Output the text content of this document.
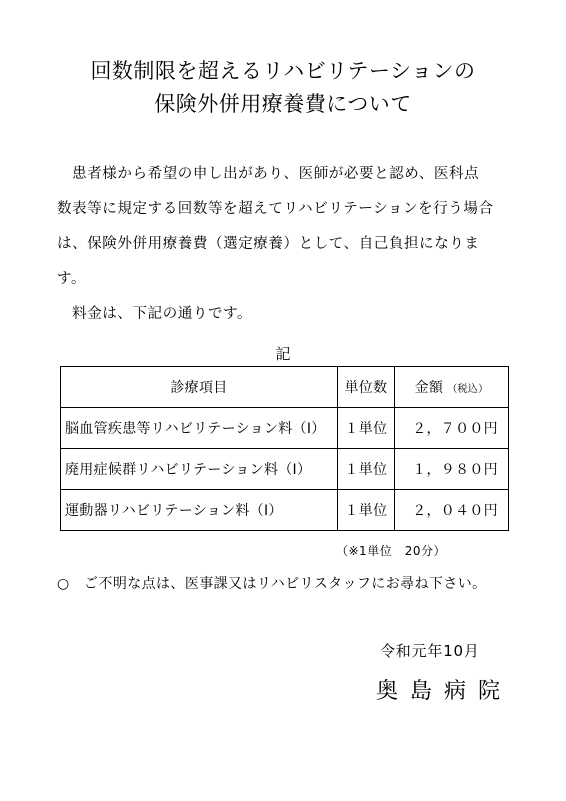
回数制限を超えるリハビリテーションの
保険外併用療養費について
　患者様から希望の申し出があり、医師が必要と認め、医科点
数表等に規定する回数等を超えてリハビリテーションを行う場合
は、保険外併用療養費（選定療養）として、自己負担になりま
す。
　料金は、下記の通りです。
記
診療項目	単位数	金額 （税込）
脳血管疾患等リハビリテーション料（Ⅰ）	１単位	２，７００円
廃用症候群リハビリテーション料（Ⅰ）	１単位	１，９８０円
運動器リハビリテーション料（Ⅰ）	１単位	２，０４０円
（※1単位　20分）
○　ご不明な点は、医事課又はリハビリスタッフにお尋ね下さい。
令和元年10月
奥島病院
